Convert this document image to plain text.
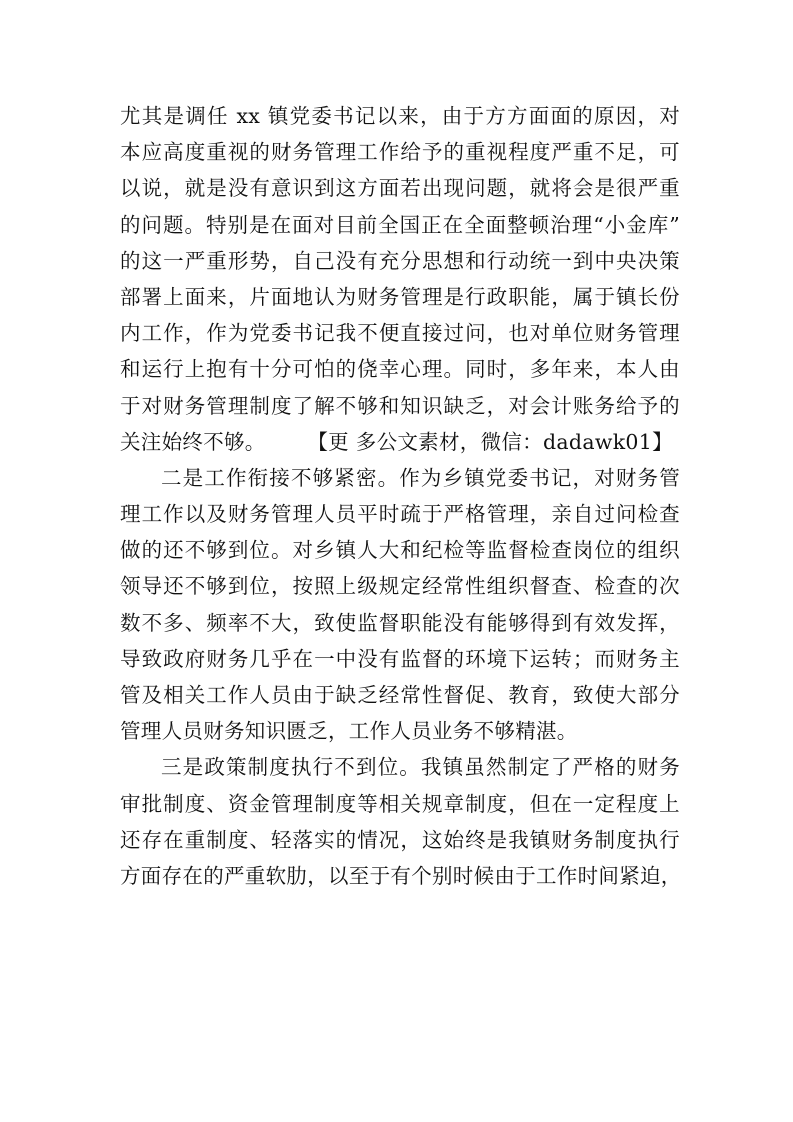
尤其是调任 xx 镇党委书记以来，由于方方面面的原因，对
本应高度重视的财务管理工作给予的重视程度严重不足，可
以说，就是没有意识到这方面若出现问题，就将会是很严重
的问题。特别是在面对目前全国正在全面整顿治理“小金库”
的这一严重形势，自己没有充分思想和行动统一到中央决策
部署上面来，片面地认为财务管理是行政职能，属于镇长份
内工作，作为党委书记我不便直接过问，也对单位财务管理
和运行上抱有十分可怕的侥幸心理。同时，多年来，本人由
于对财务管理制度了解不够和知识缺乏，对会计账务给予的
关注始终不够。	【更 多公文素材，微信：dadawk01】
二是工作衔接不够紧密。作为乡镇党委书记，对财务管
理工作以及财务管理人员平时疏于严格管理，亲自过问检查
做的还不够到位。对乡镇人大和纪检等监督检查岗位的组织
领导还不够到位，按照上级规定经常性组织督查、检查的次
数不多、频率不大，致使监督职能没有能够得到有效发挥，
导致政府财务几乎在一中没有监督的环境下运转；而财务主
管及相关工作人员由于缺乏经常性督促、教育，致使大部分
管理人员财务知识匮乏，工作人员业务不够精湛。
三是政策制度执行不到位。我镇虽然制定了严格的财务
审批制度、资金管理制度等相关规章制度，但在一定程度上
还存在重制度、轻落实的情况，这始终是我镇财务制度执行
方面存在的严重软肋，以至于有个别时候由于工作时间紧迫，
